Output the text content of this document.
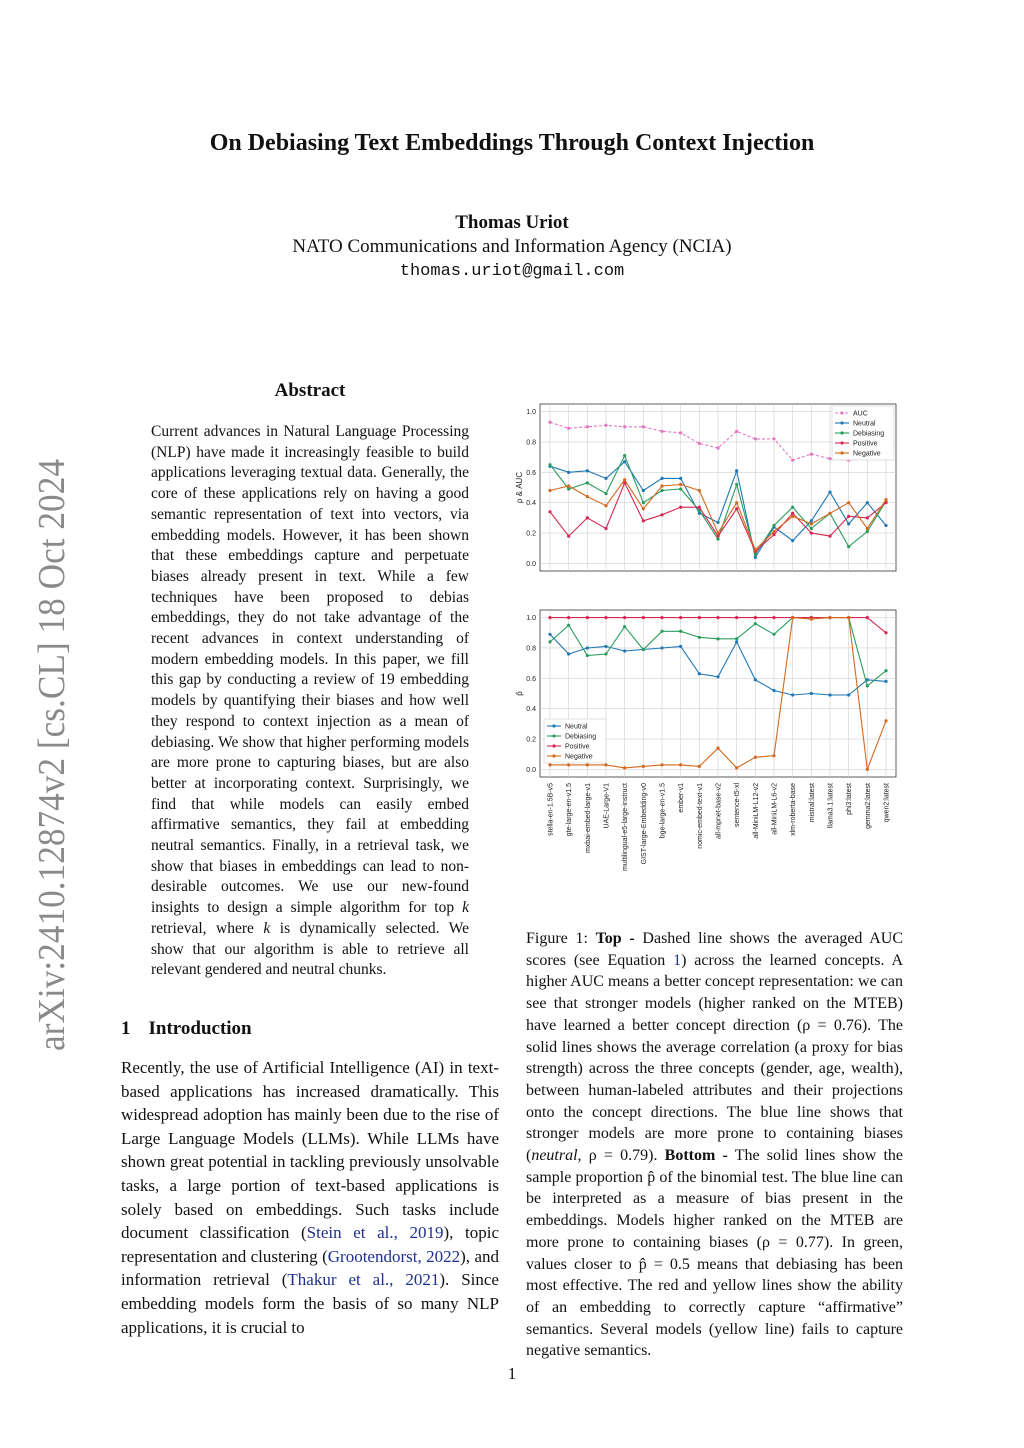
arXiv:2410.12874v2 [cs.CL] 18 Oct 2024
On Debiasing Text Embeddings Through Context Injection
Thomas Uriot
NATO Communications and Information Agency (NCIA)
thomas.uriot@gmail.com
Abstract
Current advances in Natural Language Processing (NLP) have made it increasingly feasible to build applications leveraging textual data. Generally, the core of these applications rely on having a good semantic representation of text into vectors, via embedding models. However, it has been shown that these embeddings capture and perpetuate biases already present in text. While a few techniques have been proposed to debias embeddings, they do not take advantage of the recent advances in context understanding of modern embedding models. In this paper, we fill this gap by conducting a review of 19 embedding models by quantifying their biases and how well they respond to context injection as a mean of debiasing. We show that higher performing models are more prone to capturing biases, but are also better at incorporating context. Surprisingly, we find that while models can easily embed affirmative semantics, they fail at embedding neutral semantics. Finally, in a retrieval task, we show that biases in embeddings can lead to non-desirable outcomes. We use our new-found insights to design a simple algorithm for top k retrieval, where k is dynamically selected. We show that our algorithm is able to retrieve all relevant gendered and neutral chunks.
1 Introduction
Recently, the use of Artificial Intelligence (AI) in text-based applications has increased dramatically. This widespread adoption has mainly been due to the rise of Large Language Models (LLMs). While LLMs have shown great potential in tackling previously unsolvable tasks, a large portion of text-based applications is solely based on embeddings. Such tasks include document classification (Stein et al., 2019), topic representation and clustering (Grootendorst, 2022), and information retrieval (Thakur et al., 2021). Since embedding models form the basis of so many NLP applications, it is crucial to
0.0
0.2
0.4
0.6
0.8
1.0
ρ & AUC
AUC
Neutral
Debiasing
Positive
Negative
0.0
0.2
0.4
0.6
0.8
1.0
p̂
Neutral
Debiasing
Positive
Negative
stella-en-1.5B-v5 gte-large-en-v1.5 mxbai-embed-large-v1 UAE-Large-V1 multilingual-e5-large-instruct GIST-large-Embedding-v0 bge-large-en-v1.5 ember-v1 nomic-embed-text-v1 all-mpnet-base-v2 sentence-t5-xl all-MiniLM-L12-v2 all-MiniLM-L6-v2 xlm-roberta-base mistral:latest llama3.1:latest phi3:latest gemma2:latest qwen2:latest
Figure 1: Top - Dashed line shows the averaged AUC scores (see Equation 1) across the learned concepts. A higher AUC means a better concept representation: we can see that stronger models (higher ranked on the MTEB) have learned a better concept direction (ρ = 0.76). The solid lines shows the average correlation (a proxy for bias strength) across the three concepts (gender, age, wealth), between human-labeled attributes and their projections onto the concept directions. The blue line shows that stronger models are more prone to containing biases (neutral, ρ = 0.79). Bottom - The solid lines show the sample proportion p̂ of the binomial test. The blue line can be interpreted as a measure of bias present in the embeddings. Models higher ranked on the MTEB are more prone to containing biases (ρ = 0.77). In green, values closer to p̂ = 0.5 means that debiasing has been most effective. The red and yellow lines show the ability of an embedding to correctly capture “affirmative” semantics. Several models (yellow line) fails to capture negative semantics.
1
